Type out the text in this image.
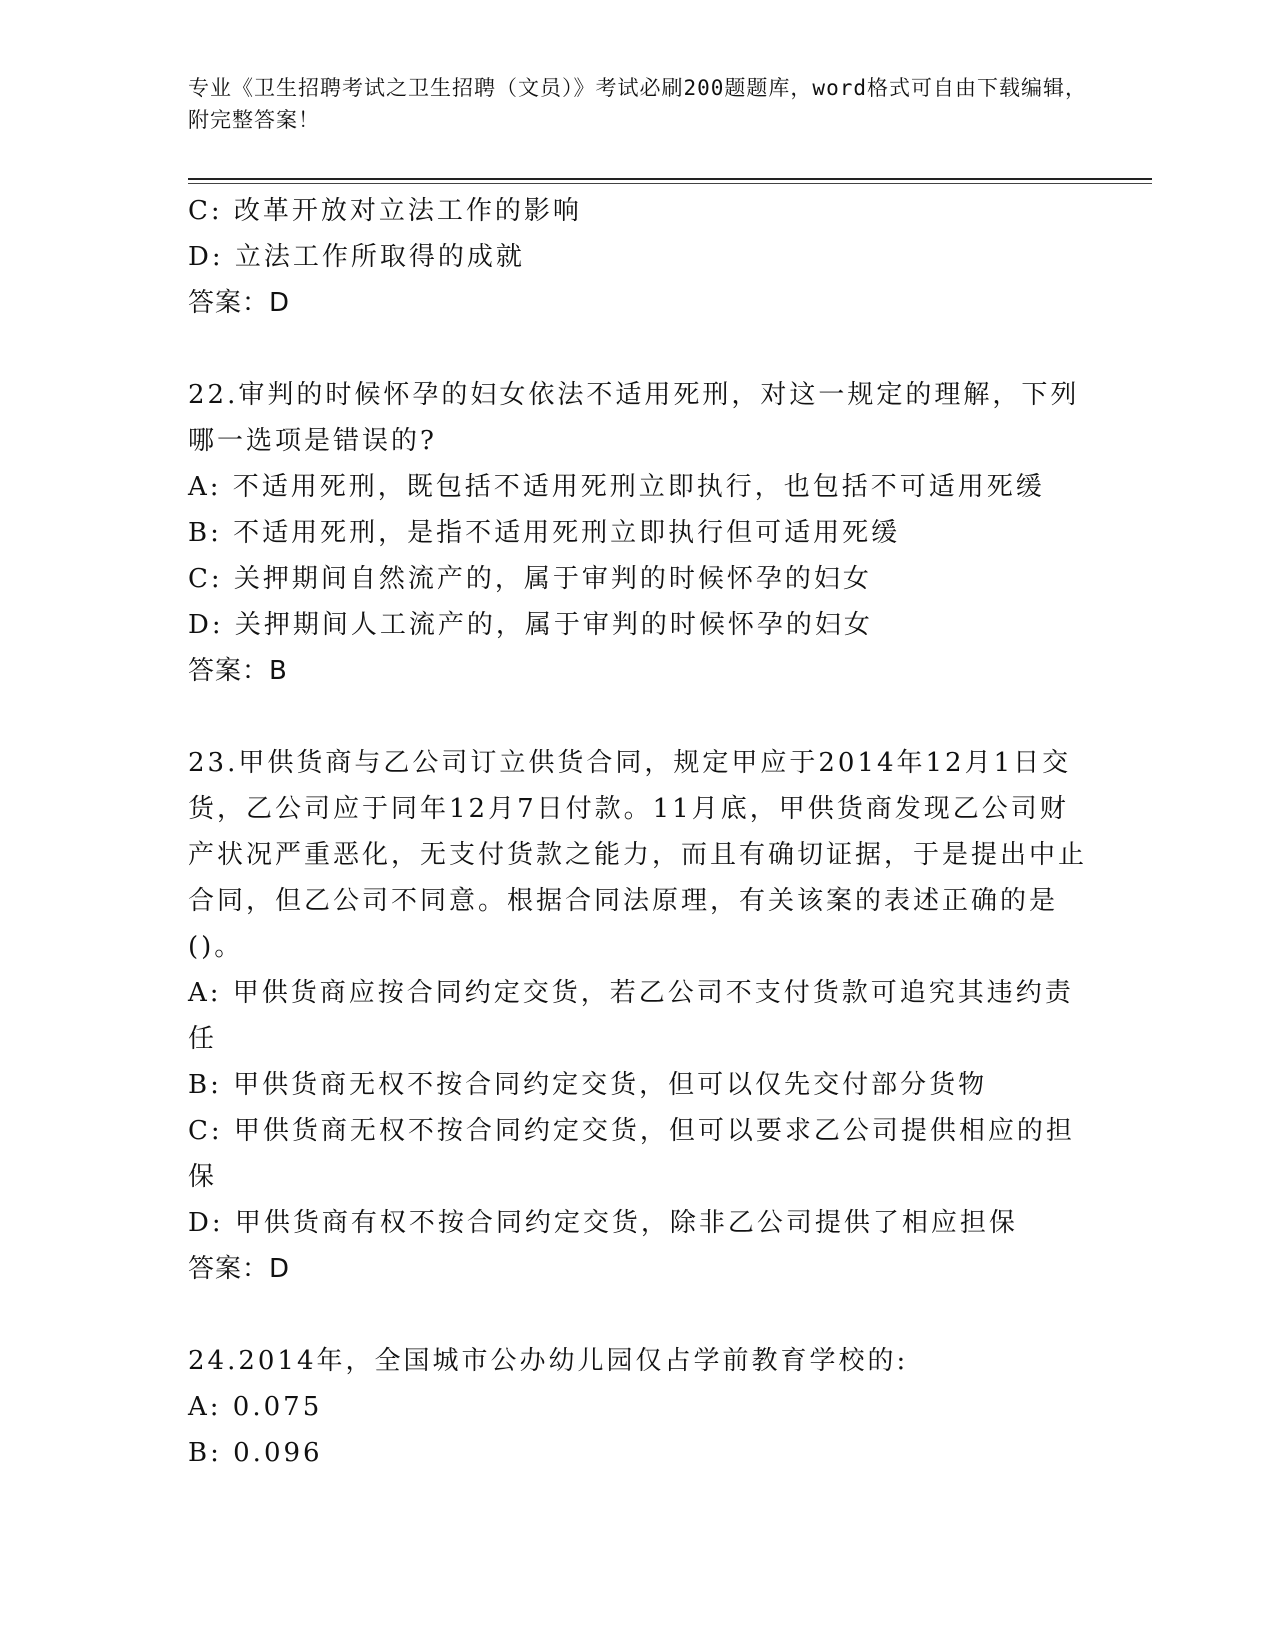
专业《卫生招聘考试之卫生招聘（文员）》考试必刷200题题库，word格式可自由下载编辑，附完整答案！

C: 改革开放对立法工作的影响

D: 立法工作所取得的成就

答案：D

22.审判的时候怀孕的妇女依法不适用死刑，对这一规定的理解，下列哪一选项是错误的?

A: 不适用死刑，既包括不适用死刑立即执行，也包括不可适用死缓

B: 不适用死刑，是指不适用死刑立即执行但可适用死缓

C: 关押期间自然流产的，属于审判的时候怀孕的妇女

D: 关押期间人工流产的，属于审判的时候怀孕的妇女

答案：B

23.甲供货商与乙公司订立供货合同，规定甲应于2014年12月1日交货，乙公司应于同年12月7日付款。11月底，甲供货商发现乙公司财产状况严重恶化，无支付货款之能力，而且有确切证据，于是提出中止合同，但乙公司不同意。根据合同法原理，有关该案的表述正确的是()。

A: 甲供货商应按合同约定交货，若乙公司不支付货款可追究其违约责任

B: 甲供货商无权不按合同约定交货，但可以仅先交付部分货物

C: 甲供货商无权不按合同约定交货，但可以要求乙公司提供相应的担保

D: 甲供货商有权不按合同约定交货，除非乙公司提供了相应担保

答案：D

24.2014年，全国城市公办幼儿园仅占学前教育学校的:

A: 0.075

B: 0.096
